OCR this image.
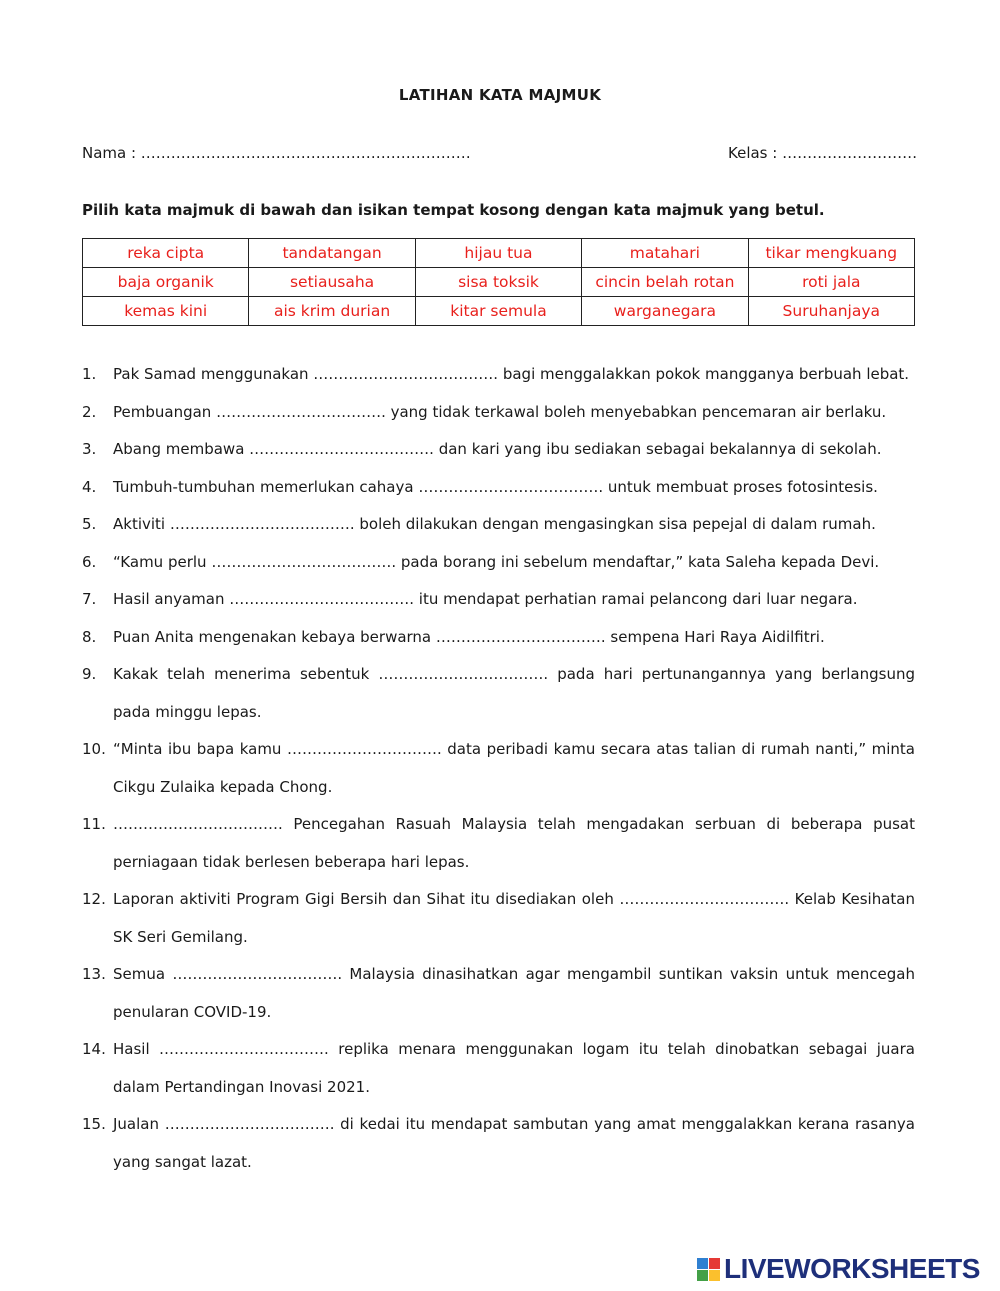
LATIHAN KATA MAJMUK
Nama : …………………………………………………………	Kelas : ………………………
Pilih kata majmuk di bawah dan isikan tempat kosong dengan kata majmuk yang betul.
reka cipta	tandatangan	hijau tua	matahari	tikar mengkuang
baja organik	setiausaha	sisa toksik	cincin belah rotan	roti jala
kemas kini	ais krim durian	kitar semula	warganegara	Suruhanjaya
1. Pak Samad menggunakan ………………………………. bagi menggalakkan pokok mangganya berbuah lebat.
2. Pembuangan ……………………………. yang tidak terkawal boleh menyebabkan pencemaran air berlaku.
3. Abang membawa ………………………………. dan kari yang ibu sediakan sebagai bekalannya di sekolah.
4. Tumbuh-tumbuhan memerlukan cahaya ………………………………. untuk membuat proses fotosintesis.
5. Aktiviti ………………………………. boleh dilakukan dengan mengasingkan sisa pepejal di dalam rumah.
6. “Kamu perlu ………………………………. pada borang ini sebelum mendaftar,” kata Saleha kepada Devi.
7. Hasil anyaman ………………………………. itu mendapat perhatian ramai pelancong dari luar negara.
8. Puan Anita mengenakan kebaya berwarna ……………………………. sempena Hari Raya Aidilfitri.
9. Kakak telah menerima sebentuk ……………………………. pada hari pertunangannya yang berlangsung pada minggu lepas.
10. “Minta ibu bapa kamu …………………………. data peribadi kamu secara atas talian di rumah nanti,” minta Cikgu Zulaika kepada Chong.
11. ……………………………. Pencegahan Rasuah Malaysia telah mengadakan serbuan di beberapa pusat perniagaan tidak berlesen beberapa hari lepas.
12. Laporan aktiviti Program Gigi Bersih dan Sihat itu disediakan oleh ……………………………. Kelab Kesihatan SK Seri Gemilang.
13. Semua ……………………………. Malaysia dinasihatkan agar mengambil suntikan vaksin untuk mencegah penularan COVID-19.
14. Hasil ……………………………. replika menara menggunakan logam itu telah dinobatkan sebagai juara dalam Pertandingan Inovasi 2021.
15. Jualan ……………………………. di kedai itu mendapat sambutan yang amat menggalakkan kerana rasanya yang sangat lazat.
LIVEWORKSHEETS
